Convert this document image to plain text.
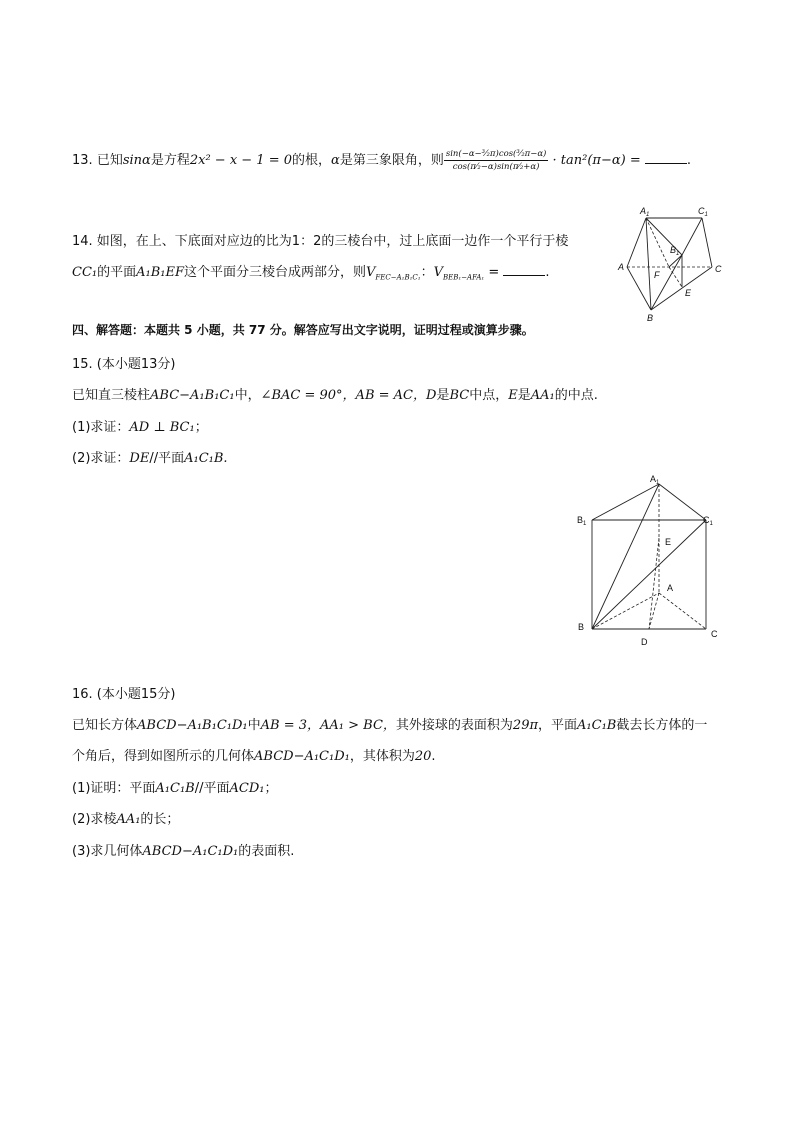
13. 已知sinα是方程2x² − x − 1 = 0的根，α是第三象限角，则 $\frac{\text{sin(−α−³⁄₂π)cos(³⁄₂π−α)}}{\text{cos(π⁄₂−α)sin(π⁄₂+α)}} \cdot \tan^2(\pi-\alpha)$ =	.
14. 如图，在上、下底面对应边的比为1：2的三棱台中，过上底面一边作一个平行于棱
CC₁的平面A₁B₁EF这个平面分三棱台成两部分，则$V_{FEC-A_1B_1C_1}$：$V_{BEB_1-AFA_1}$ =	.
$A_1$	$C_1$
$B_1$
A	C
F
E
B
四、解答题：本题共 5 小题，共 77 分。解答应写出文字说明，证明过程或演算步骤。
15. (本小题13分)
已知直三棱柱ABC−A₁B₁C₁中，∠BAC = 90°，AB = AC，D是BC中点，E是AA₁的中点.
(1)求证：AD ⊥ BC₁；
(2)求证：DE//平面A₁C₁B.
$A_1$
$B_1$	$C_1$
E
A
B
C
D
16. (本小题15分)
已知长方体ABCD−A₁B₁C₁D₁中AB = 3，AA₁ > BC，其外接球的表面积为29π，平面A₁C₁B截去长方体的一
个角后，得到如图所示的几何体ABCD−A₁C₁D₁，其体积为20.
(1)证明：平面A₁C₁B//平面ACD₁；
(2)求棱AA₁的长；
(3)求几何体ABCD−A₁C₁D₁的表面积.
